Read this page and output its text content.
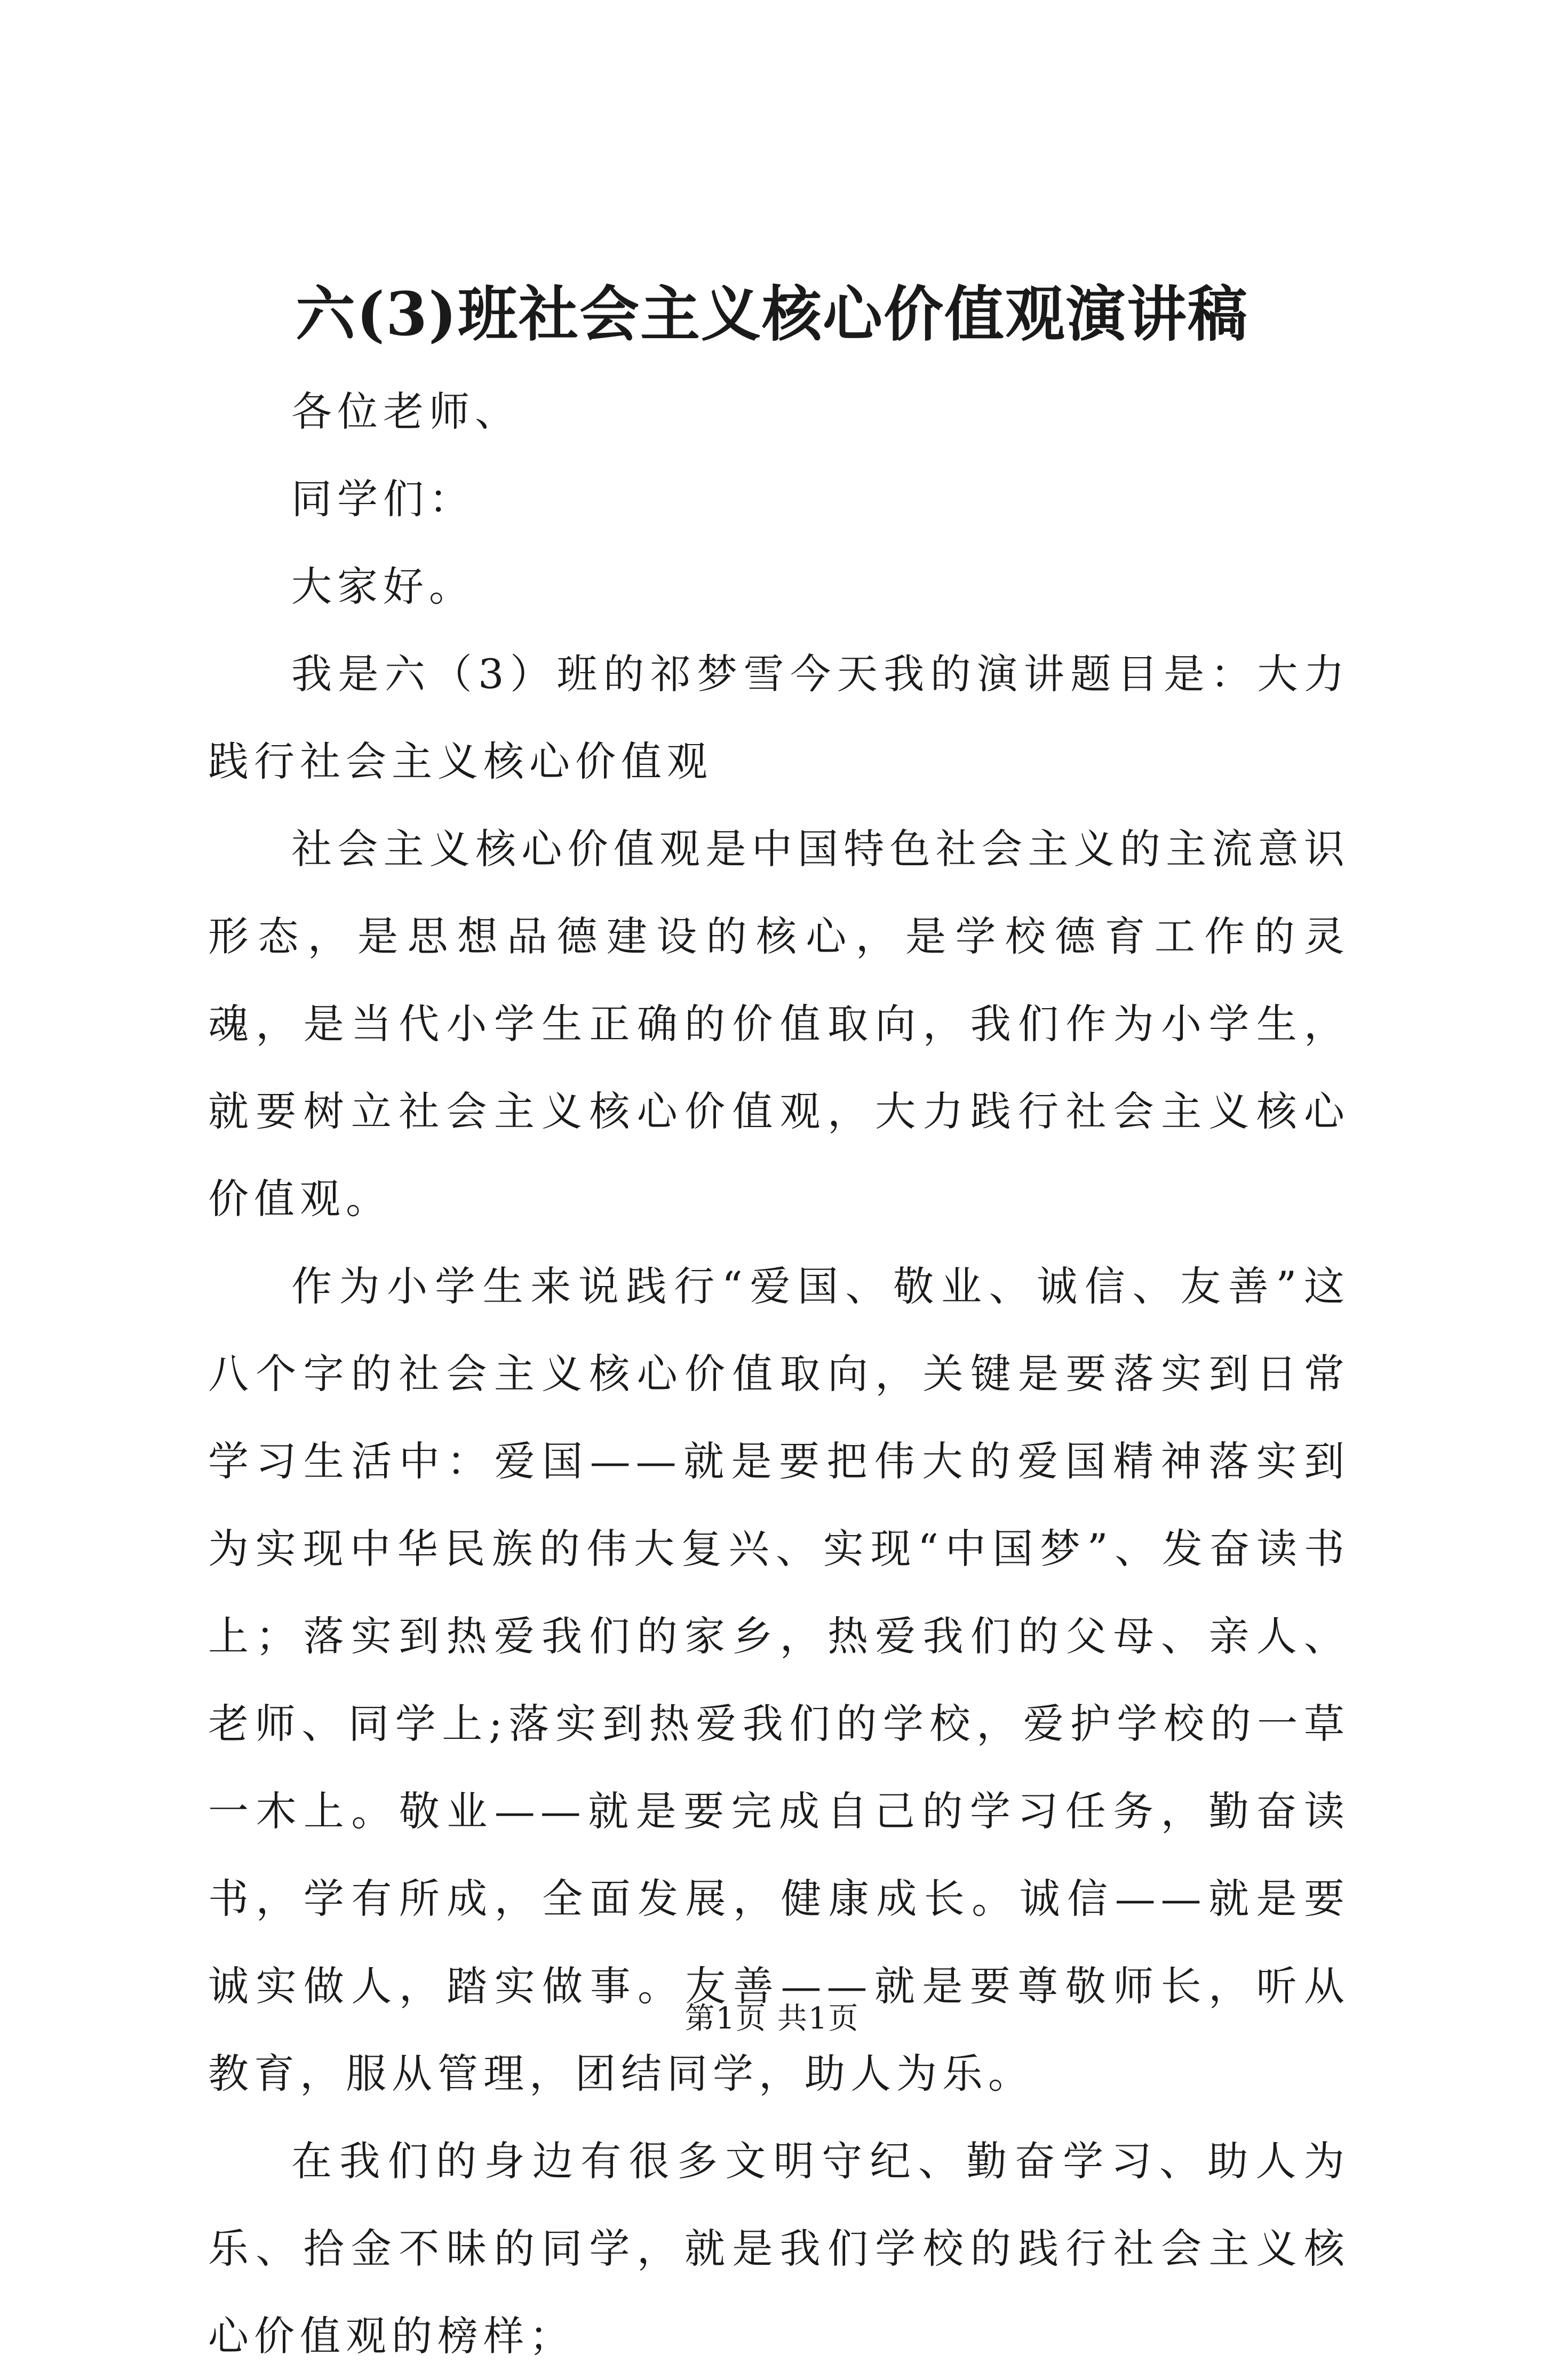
六(3)班社会主义核心价值观演讲稿

各位老师、

同学们：

大家好。

我是六（3）班的祁梦雪今天我的演讲题目是：大力践行社会主义核心价值观

社会主义核心价值观是中国特色社会主义的主流意识形态，是思想品德建设的核心，是学校德育工作的灵魂，是当代小学生正确的价值取向，我们作为小学生，就要树立社会主义核心价值观，大力践行社会主义核心价值观。

作为小学生来说践行“爱国、敬业、诚信、友善”这八个字的社会主义核心价值取向，关键是要落实到日常学习生活中：爱国——就是要把伟大的爱国精神落实到为实现中华民族的伟大复兴、实现“中国梦”、发奋读书上；落实到热爱我们的家乡，热爱我们的父母、亲人、老师、同学上;落实到热爱我们的学校，爱护学校的一草一木上。敬业——就是要完成自己的学习任务，勤奋读书，学有所成，全面发展，健康成长。诚信——就是要诚实做人，踏实做事。友善——就是要尊敬师长，听从教育，服从管理，团结同学，助人为乐。

在我们的身边有很多文明守纪、勤奋学习、助人为乐、拾金不昧的同学，就是我们学校的践行社会主义核心价值观的榜样；

第1页 共1页
